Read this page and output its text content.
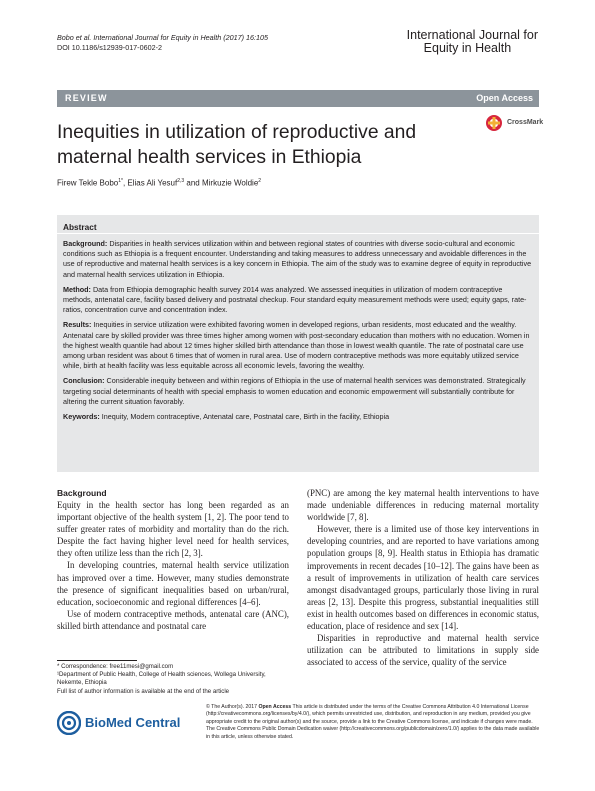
Bobo et al. International Journal for Equity in Health (2017) 16:105
DOI 10.1186/s12939-017-0602-2
International Journal for
Equity in Health
REVIEW	Open Access
Inequities in utilization of reproductive and maternal health services in Ethiopia
CrossMark
Firew Tekle Bobo$^{1*}$, Elias Ali Yesuf$^{2,3}$ and Mirkuzie Woldie$^2$
Abstract

Background: Disparities in health services utilization within and between regional states of countries with diverse socio-cultural and economic conditions such as Ethiopia is a frequent encounter. Understanding and taking measures to address unnecessary and avoidable differences in the use of reproductive and maternal health services is a key concern in Ethiopia. The aim of the study was to examine degree of equity in reproductive and maternal health services utilization in Ethiopia.

Method: Data from Ethiopia demographic health survey 2014 was analyzed. We assessed inequities in utilization of modern contraceptive methods, antenatal care, facility based delivery and postnatal checkup. Four standard equity measurement methods were used; equity gaps, rate-ratios, concentration curve and concentration index.

Results: Inequities in service utilization were exhibited favoring women in developed regions, urban residents, most educated and the wealthy. Antenatal care by skilled provider was three times higher among women with post-secondary education than mothers with no education. Women in the highest wealth quantile had about 12 times higher skilled birth attendance than those in lowest wealth quantile. The rate of postnatal care use among urban resident was about 6 times that of women in rural area. Use of modern contraceptive methods was more equitably utilized service while, birth at health facility was less equitable across all economic levels, favoring the wealthy.

Conclusion: Considerable inequity between and within regions of Ethiopia in the use of maternal health services was demonstrated. Strategically targeting social determinants of health with special emphasis to women education and economic empowerment will substantially contribute for altering the current situation favorably.

Keywords: Inequity, Modern contraceptive, Antenatal care, Postnatal care, Birth in the facility, Ethiopia

Background

Equity in the health sector has long been regarded as an important objective of the health system [1, 2]. The poor tend to suffer greater rates of morbidity and mortality than do the rich. Despite the fact having higher level need for health services, they often utilize less than the rich [2, 3].

In developing countries, maternal health service utilization has improved over a time. However, many studies demonstrate the presence of significant inequalities based on urban/rural, education, socioeconomic and regional differences [4–6].

Use of modern contraceptive methods, antenatal care (ANC), skilled birth attendance and postnatal care

(PNC) are among the key maternal health interventions to have made undeniable differences in reducing maternal mortality worldwide [7, 8].

However, there is a limited use of those key interventions in developing countries, and are reported to have variations among population groups [8, 9]. Health status in Ethiopia has dramatic improvements in recent decades [10–12]. The gains have been as a result of improvements in utilization of health care services amongst disadvantaged groups, particularly those living in rural areas [2, 13]. Despite this progress, substantial inequalities still exist in health outcomes based on differences in economic status, education, place of residence and sex [14].

Disparities in reproductive and maternal health service utilization can be attributed to limitations in supply side associated to access of the service, quality of the service

* Correspondence: free11mesi@gmail.com

¹Department of Public Health, College of Health sciences, Wollega University, Nekemte, Ethiopia

Full list of author information is available at the end of the article

BioMed Central
© The Author(s). 2017 Open Access This article is distributed under the terms of the Creative Commons Attribution 4.0 International License (http://creativecommons.org/licenses/by/4.0/), which permits unrestricted use, distribution, and reproduction in any medium, provided you give appropriate credit to the original author(s) and the source, provide a link to the Creative Commons license, and indicate if changes were made. The Creative Commons Public Domain Dedication waiver (http://creativecommons.org/publicdomain/zero/1.0/) applies to the data made available in this article, unless otherwise stated.
